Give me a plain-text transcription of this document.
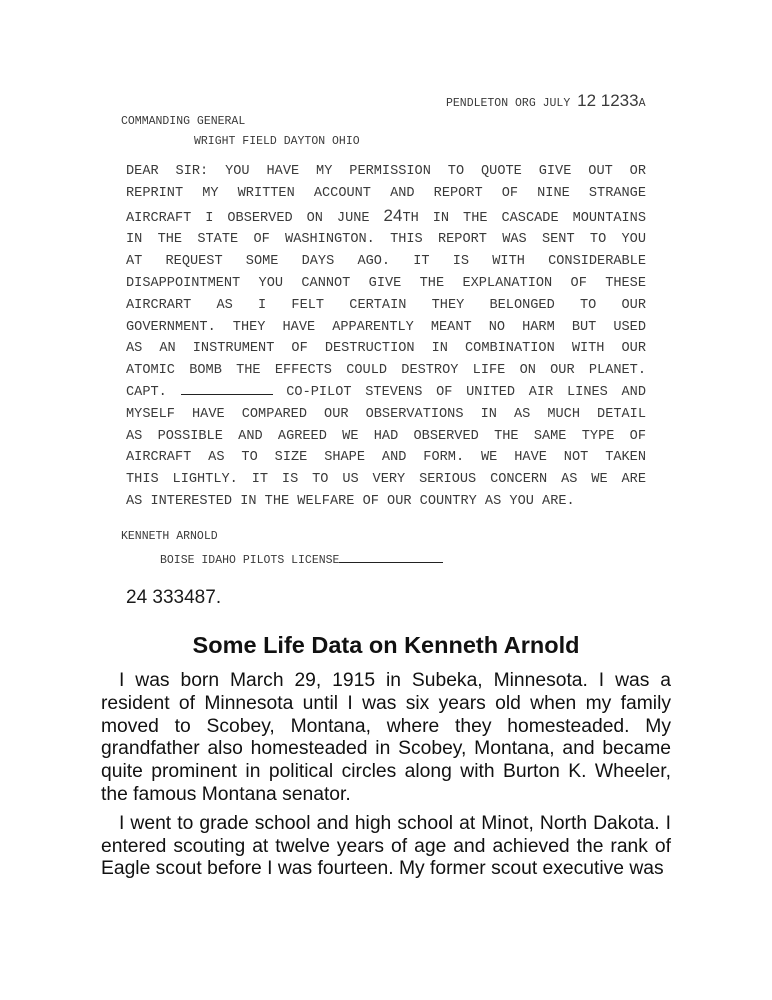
PENDLETON ORG JULY 12 1233A
COMMANDING GENERAL
WRIGHT FIELD DAYTON OHIO
DEAR SIR: YOU HAVE MY PERMISSION TO QUOTE GIVE OUT OR
REPRINT MY WRITTEN ACCOUNT AND REPORT OF NINE STRANGE
AIRCRAFT I OBSERVED ON JUNE 24TH IN THE CASCADE MOUNTAINS
IN THE STATE OF WASHINGTON. THIS REPORT WAS SENT TO YOU
AT REQUEST SOME DAYS AGO. IT IS WITH CONSIDERABLE
DISAPPOINTMENT YOU CANNOT GIVE THE EXPLANATION OF THESE
AIRCRART AS I FELT CERTAIN THEY BELONGED TO OUR
GOVERNMENT. THEY HAVE APPARENTLY MEANT NO HARM BUT USED
AS AN INSTRUMENT OF DESTRUCTION IN COMBINATION WITH OUR
ATOMIC BOMB THE EFFECTS COULD DESTROY LIFE ON OUR PLANET.
CAPT.	CO-PILOT STEVENS OF UNITED AIR LINES AND
MYSELF HAVE COMPARED OUR OBSERVATIONS IN AS MUCH DETAIL
AS POSSIBLE AND AGREED WE HAD OBSERVED THE SAME TYPE OF
AIRCRAFT AS TO SIZE SHAPE AND FORM. WE HAVE NOT TAKEN
THIS LIGHTLY. IT IS TO US VERY SERIOUS CONCERN AS WE ARE
AS INTERESTED IN THE WELFARE OF OUR COUNTRY AS YOU ARE.
KENNETH ARNOLD
BOISE IDAHO PILOTS LICENSE
24 333487.
Some Life Data on Kenneth Arnold

I was born March 29, 1915 in Subeka, Minnesota. I was a resident of Minnesota until I was six years old when my family moved to Scobey, Montana, where they homesteaded. My grandfather also homesteaded in Scobey, Montana, and became quite prominent in political circles along with Burton K. Wheeler, the famous Montana senator.

I went to grade school and high school at Minot, North Dakota. I entered scouting at twelve years of age and achieved the rank of Eagle scout before I was fourteen. My former scout executive was
